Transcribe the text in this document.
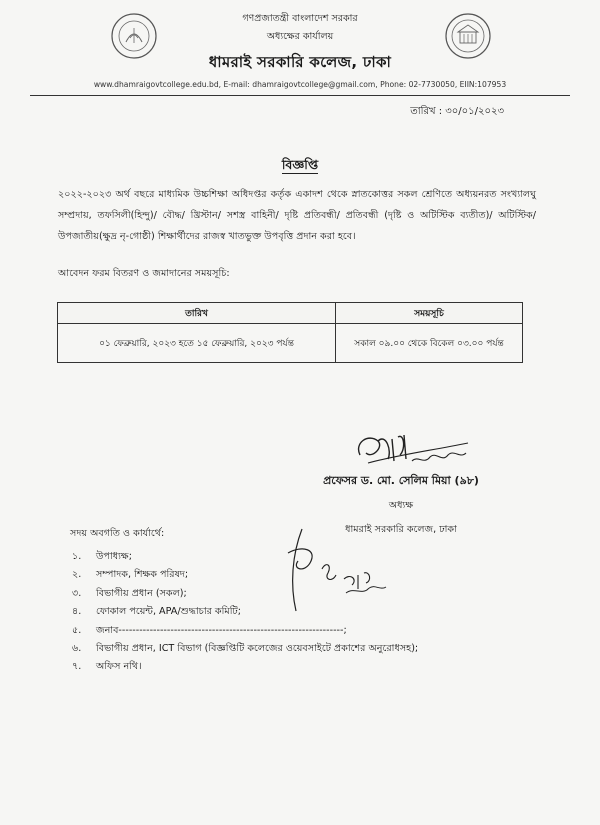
গণপ্রজাতন্ত্রী বাংলাদেশ সরকার
অধ্যক্ষের কার্যালয়
ধামরাই সরকারি কলেজ, ঢাকা
www.dhamraigovtcollege.edu.bd, E-mail: dhamraigovtcollege@gmail.com, Phone: 02-7730050, EIIN:107953
তারিখ : ৩০/০১/২০২৩
বিজ্ঞপ্তি
২০২২-২০২৩ অর্থ বছরে মাধ্যমিক উচ্চশিক্ষা অধিদপ্তর কর্তৃক একাদশ থেকে স্নাতকোত্তর সকল শ্রেণিতে অধ্যয়নরত সংখ্যালঘু সম্প্রদায়, তফসিলী(হিন্দু)/ বৌদ্ধ/ খ্রিস্টান/ সশস্ত্র বাহিনী/ দৃষ্টি প্রতিবন্ধী/ প্রতিবন্ধী (দৃষ্টি ও অটিস্টিক ব্যতীত)/ অটিস্টিক/ উপজাতীয়(ক্ষুদ্র নৃ-গোষ্ঠী) শিক্ষার্থীদের রাজস্ব খাতভুক্ত উপবৃত্তি প্রদান করা হবে।
আবেদন ফরম বিতরণ ও জমাদানের সময়সূচি:
তারিখ	সময়সূচি
০১ ফেব্রুয়ারি, ২০২৩ হতে ১৫ ফেব্রুয়ারি, ২০২৩ পর্যন্ত	সকাল ০৯.০০ থেকে বিকেল ০৩.০০ পর্যন্ত
প্রফেসর ড. মো. সেলিম মিয়া (৯৮)
অধ্যক্ষ
ধামরাই সরকারি কলেজ, ঢাকা
সদয় অবগতি ও কার্যার্থে:
১.	উপাধ্যক্ষ;
২.	সম্পাদক, শিক্ষক পরিষদ;
৩.	বিভাগীয় প্রধান (সকল);
৪.	ফোকাল পয়েন্ট, APA/শুদ্ধাচার কমিটি;
৫.	জনাব-----------------------------------------------------------------;
৬.	বিভাগীয় প্রধান, ICT বিভাগ (বিজ্ঞপ্তিটি কলেজের ওয়েবসাইটে প্রকাশের অনুরোধসহ);
৭.	অফিস নথি।
